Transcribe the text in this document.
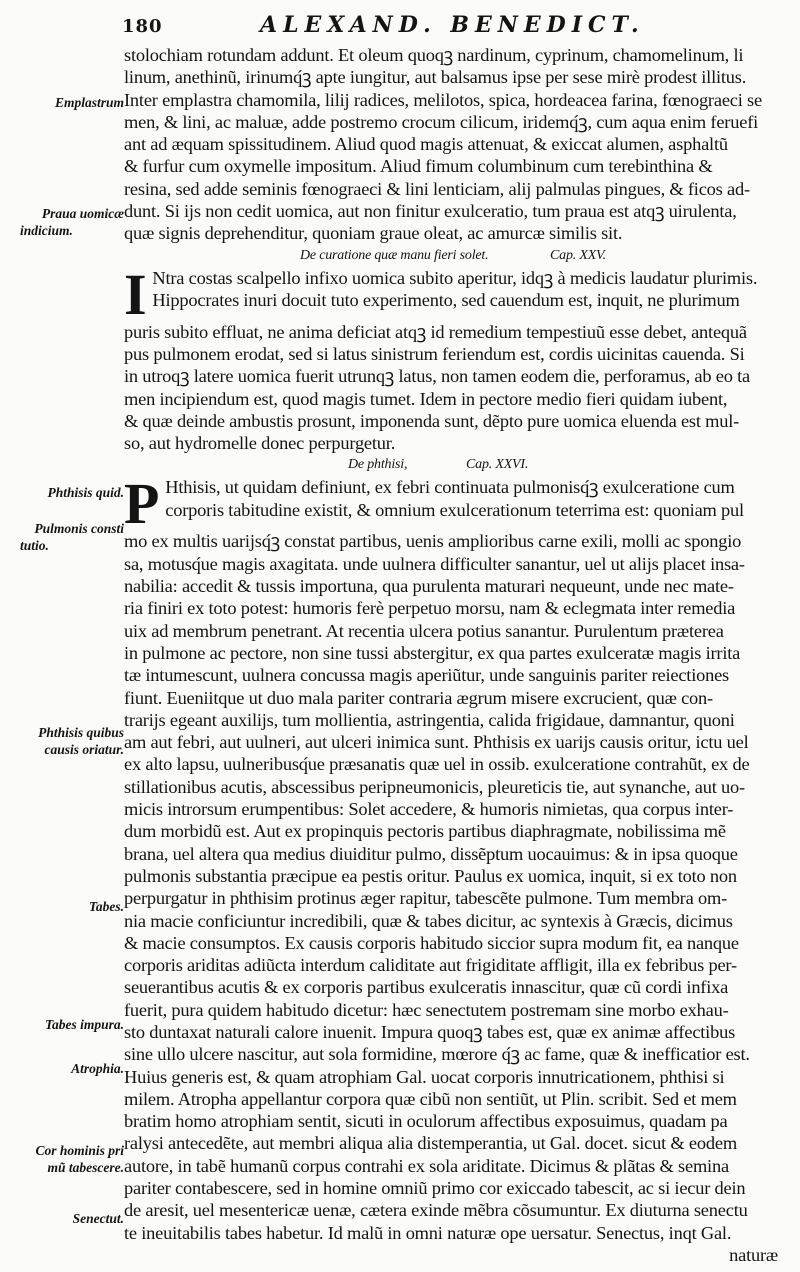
180	ALEXAND. BENEDICT.
Emplastrum
Praua uomicæ
indicium.
Phthisis quid.
Pulmonis consti
tutio.
Phthisis quibus
causis oriatur.
Tabes.
Tabes impura.
Atrophia.
Cor hominis pri
mũ tabescere.
Senectut.
stolochiam rotundam addunt. Et oleum quoqꝫ nardinum, cyprinum, chamomelinum, li
linum, anethinũ, irinumq́ꝫ apte iungitur, aut balsamus ipse per sese mirè prodest illitus.
Inter emplastra chamomila, lilij radices, melilotos, spica, hordeacea farina, fœnograeci se
men, & lini, ac maluæ, adde postremo crocum cilicum, iridemq́ꝫ, cum aqua enim feruefi
ant ad æquam spissitudinem. Aliud quod magis attenuat, & exiccat alumen, asphaltũ
& furfur cum oxymelle impositum. Aliud fimum columbinum cum terebinthina &
resina, sed adde seminis fœnograeci & lini lenticiam, alij palmulas pingues, & ficos ad-
dunt. Si ijs non cedit uomica, aut non finitur exulceratio, tum praua est atqꝫ uirulenta,
quæ signis deprehenditur, quoniam graue oleat, ac amurcæ similis sit.
De curatione quæ manu fieri solet.	Cap. XXV.
I Ntra costas scalpello infixo uomica subito aperitur, idqꝫ à medicis laudatur plurimis.
Hippocrates inuri docuit tuto experimento, sed cauendum est, inquit, ne plurimum
puris subito effluat, ne anima deficiat atqꝫ id remedium tempestiuũ esse debet, antequã
pus pulmonem erodat, sed si latus sinistrum feriendum est, cordis uicinitas cauenda. Si
in utroqꝫ latere uomica fuerit utrunqꝫ latus, non tamen eodem die, perforamus, ab eo ta
men incipiendum est, quod magis tumet. Idem in pectore medio fieri quidam iubent,
& quæ deinde ambustis prosunt, imponenda sunt, dẽpto pure uomica eluenda est mul-
so, aut hydromelle donec perpurgetur.
De phthisi,	Cap. XXVI.
P Hthisis, ut quidam definiunt, ex febri continuata pulmonisq́ꝫ exulceratione cum
corporis tabitudine existit, & omnium exulcerationum teterrima est: quoniam pul
mo ex multis uarijsq́ꝫ constat partibus, uenis amplioribus carne exili, molli ac spongio
sa, motusq́ue magis axagitata. unde uulnera difficulter sanantur, uel ut alijs placet insa-
nabilia: accedit & tussis importuna, qua purulenta maturari nequeunt, unde nec mate-
ria finiri ex toto potest: humoris ferè perpetuo morsu, nam & eclegmata inter remedia
uix ad membrum penetrant. At recentia ulcera potius sanantur. Purulentum præterea
in pulmone ac pectore, non sine tussi abstergitur, ex qua partes exulceratæ magis irrita
tæ intumescunt, uulnera concussa magis aperiũtur, unde sanguinis pariter reiectiones
fiunt. Eueniitque ut duo mala pariter contraria ægrum misere excrucient, quæ con-
trarijs egeant auxilijs, tum mollientia, astringentia, calida frigidaue, damnantur, quoni
am aut febri, aut uulneri, aut ulceri inimica sunt. Phthisis ex uarijs causis oritur, ictu uel
ex alto lapsu, uulneribusq́ue præsanatis quæ uel in ossib. exulceratione contrahũt, ex de
stillationibus acutis, abscessibus peripneumonicis, pleureticis tie, aut synanche, aut uo-
micis introrsum erumpentibus: Solet accedere, & humoris nimietas, qua corpus inter-
dum morbidũ est. Aut ex propinquis pectoris partibus diaphragmate, nobilissima mẽ
brana, uel altera qua medius diuiditur pulmo, dissẽptum uocauimus: & in ipsa quoque
pulmonis substantia præcipue ea pestis oritur. Paulus ex uomica, inquit, si ex toto non
perpurgatur in phthisim protinus æger rapitur, tabescẽte pulmone. Tum membra om-
nia macie conficiuntur incredibili, quæ & tabes dicitur, ac syntexis à Græcis, dicimus
& macie consumptos. Ex causis corporis habitudo siccior supra modum fit, ea nanque
corporis ariditas adiũcta interdum caliditate aut frigiditate affligit, illa ex febribus per-
seuerantibus acutis & ex corporis partibus exulceratis innascitur, quæ cũ cordi infixa
fuerit, pura quidem habitudo dicetur: hæc senectutem postremam sine morbo exhau-
sto duntaxat naturali calore inuenit. Impura quoqꝫ tabes est, quæ ex animæ affectibus
sine ullo ulcere nascitur, aut sola formidine, mœrore q́ꝫ ac fame, quæ & inefficatior est.
Huius generis est, & quam atrophiam Gal. uocat corporis innutricationem, phthisi si
milem. Atropha appellantur corpora quæ cibũ non sentiũt, ut Plin. scribit. Sed et mem
bratim homo atrophiam sentit, sicuti in oculorum affectibus exposuimus, quadam pa
ralysi antecedẽte, aut membri aliqua alia distemperantia, ut Gal. docet. sicut & eodem
autore, in tabẽ humanũ corpus contrahi ex sola ariditate. Dicimus & plãtas & semina
pariter contabescere, sed in homine omniũ primo cor exiccado tabescit, ac si iecur dein
de aresit, uel mesentericæ uenæ, cætera exinde mẽbra cõsumuntur. Ex diuturna senectu
te ineuitabilis tabes habetur. Id malũ in omni naturæ ope uersatur. Senectus, inqt Gal.
naturæ
